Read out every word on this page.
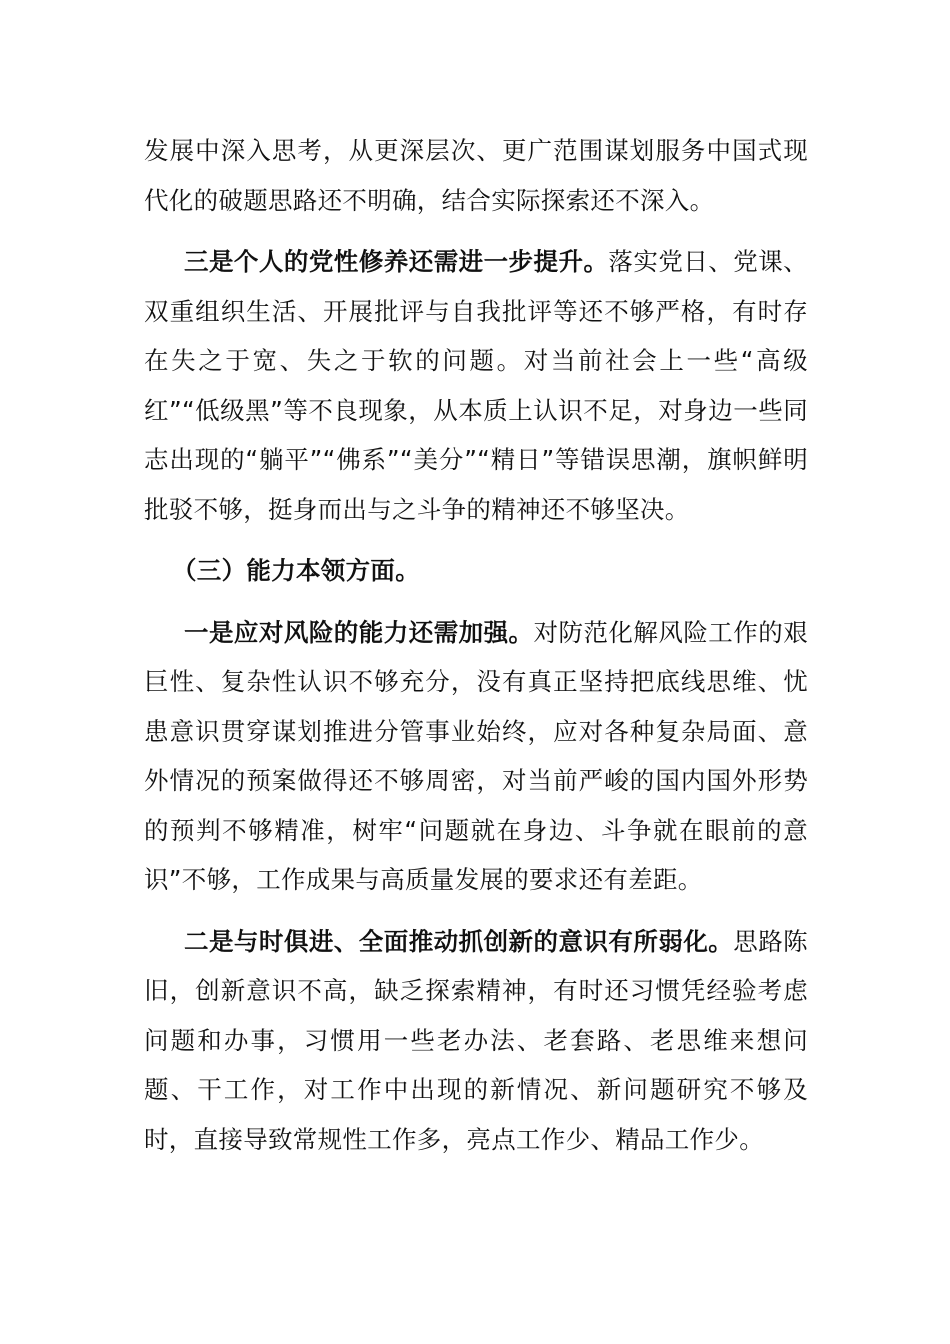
发展中深入思考，从更深层次、更广范围谋划服务中国式现代化的破题思路还不明确，结合实际探索还不深入。

三是个人的党性修养还需进一步提升。落实党日、党课、双重组织生活、开展批评与自我批评等还不够严格，有时存在失之于宽、失之于软的问题。对当前社会上一些“高级红”“低级黑”等不良现象，从本质上认识不足，对身边一些同志出现的“躺平”“佛系”“美分”“精日”等错误思潮，旗帜鲜明批驳不够，挺身而出与之斗争的精神还不够坚决。

（三）能力本领方面。

一是应对风险的能力还需加强。对防范化解风险工作的艰巨性、复杂性认识不够充分，没有真正坚持把底线思维、忧患意识贯穿谋划推进分管事业始终，应对各种复杂局面、意外情况的预案做得还不够周密，对当前严峻的国内国外形势的预判不够精准，树牢“问题就在身边、斗争就在眼前的意识”不够，工作成果与高质量发展的要求还有差距。

二是与时俱进、全面推动抓创新的意识有所弱化。思路陈旧，创新意识不高，缺乏探索精神，有时还习惯凭经验考虑问题和办事，习惯用一些老办法、老套路、老思维来想问题、干工作，对工作中出现的新情况、新问题研究不够及时，直接导致常规性工作多，亮点工作少、精品工作少。
